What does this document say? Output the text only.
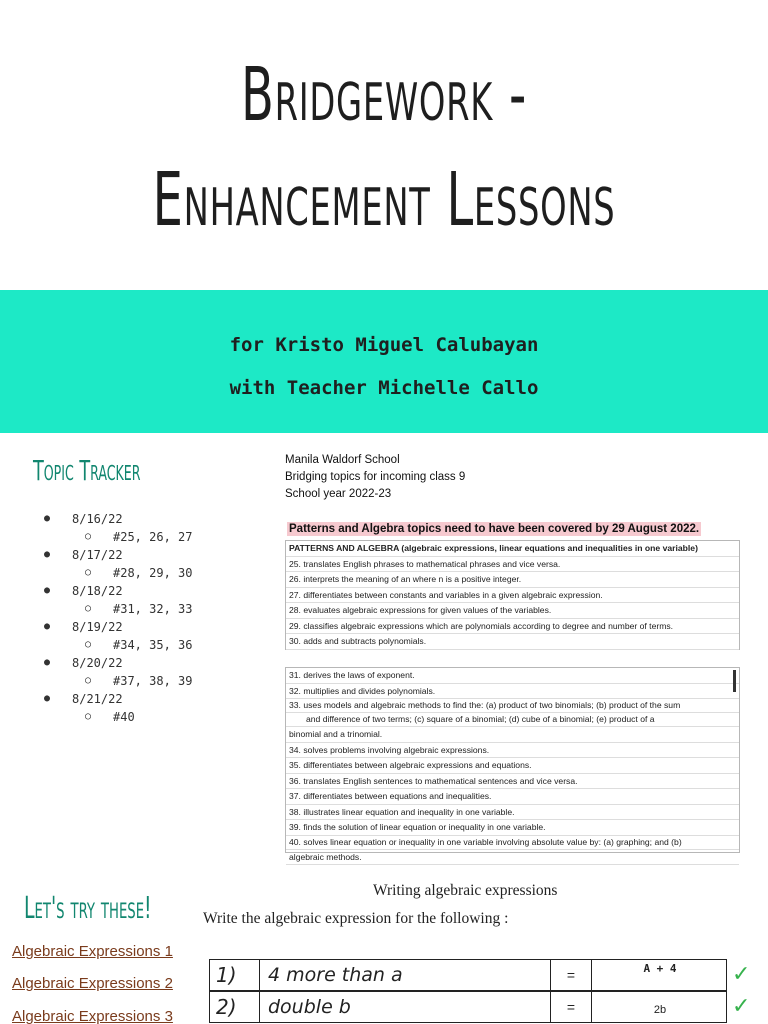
Bridgework -
Enhancement Lessons
for Kristo Miguel Calubayan
with Teacher Michelle Callo
Topic Tracker
● 8/16/22
○ #25, 26, 27
● 8/17/22
○ #28, 29, 30
● 8/18/22
○ #31, 32, 33
● 8/19/22
○ #34, 35, 36
● 8/20/22
○ #37, 38, 39
● 8/21/22
○ #40
Manila Waldorf School
Bridging topics for incoming class 9
School year 2022-23
Patterns and Algebra topics need to have been covered by 29 August 2022.
PATTERNS AND ALGEBRA (algebraic expressions, linear equations and inequalities in one variable)
25. translates English phrases to mathematical phrases and vice versa.
26. interprets the meaning of an where n is a positive integer.
27. differentiates between constants and variables in a given algebraic expression.
28. evaluates algebraic expressions for given values of the variables.
29. classifies algebraic expressions which are polynomials according to degree and number of terms.
30. adds and subtracts polynomials.
31. derives the laws of exponent.
32. multiplies and divides polynomials.
33. uses models and algebraic methods to find the: (a) product of two binomials; (b) product of the sum
and difference of two terms; (c) square of a binomial; (d) cube of a binomial; (e) product of a
binomial and a trinomial.
34. solves problems involving algebraic expressions.
35. differentiates between algebraic expressions and equations.
36. translates English sentences to mathematical sentences and vice versa.
37. differentiates between equations and inequalities.
38. illustrates linear equation and inequality in one variable.
39. finds the solution of linear equation or inequality in one variable.
40. solves linear equation or inequality in one variable involving absolute value by: (a) graphing; and (b)
algebraic methods.
Let's try these!
Algebraic Expressions 1
Algebraic Expressions 2
Algebraic Expressions 3
Writing algebraic expressions
Write the algebraic expression for the following :
1)	4 more than a	=	A + 4	✓
2)	double b	=	2b	✓
